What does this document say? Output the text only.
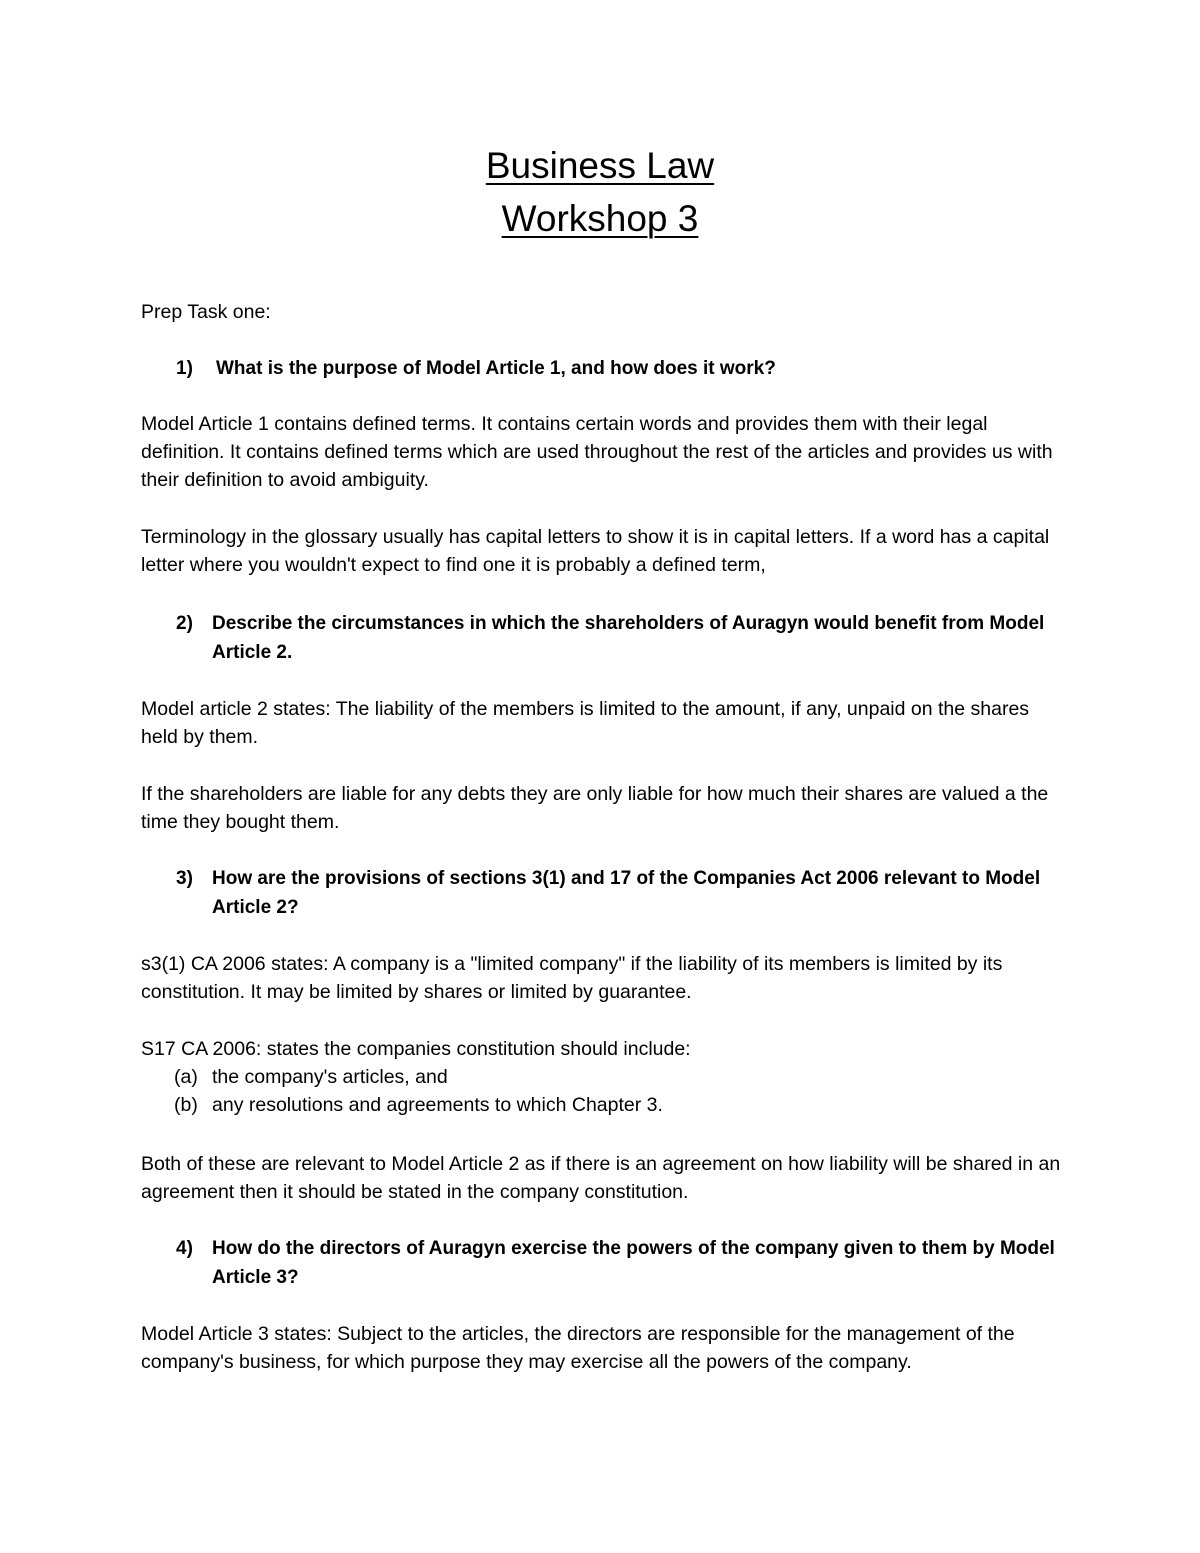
Business Law
Workshop 3

Prep Task one:

1)	What is the purpose of Model Article 1, and how does it work?

Model Article 1 contains defined terms. It contains certain words and provides them with their legal definition. It contains defined terms which are used throughout the rest of the articles and provides us with their definition to avoid ambiguity.

Terminology in the glossary usually has capital letters to show it is in capital letters. If a word has a capital letter where you wouldn't expect to find one it is probably a defined term,

2)	Describe the circumstances in which the shareholders of Auragyn would benefit from Model Article 2.

Model article 2 states: The liability of the members is limited to the amount, if any, unpaid on the shares held by them.

If the shareholders are liable for any debts they are only liable for how much their shares are valued a the time they bought them.

3)	How are the provisions of sections 3(1) and 17 of the Companies Act 2006 relevant to Model Article 2?

s3(1) CA 2006 states: A company is a "limited company" if the liability of its members is limited by its constitution. It may be limited by shares or limited by guarantee.

S17 CA 2006: states the companies constitution should include:

(a) the company's articles, and
(b) any resolutions and agreements to which Chapter 3.

Both of these are relevant to Model Article 2 as if there is an agreement on how liability will be shared in an agreement then it should be stated in the company constitution.

4)	How do the directors of Auragyn exercise the powers of the company given to them by Model Article 3?

Model Article 3 states: Subject to the articles, the directors are responsible for the management of the company's business, for which purpose they may exercise all the powers of the company.
